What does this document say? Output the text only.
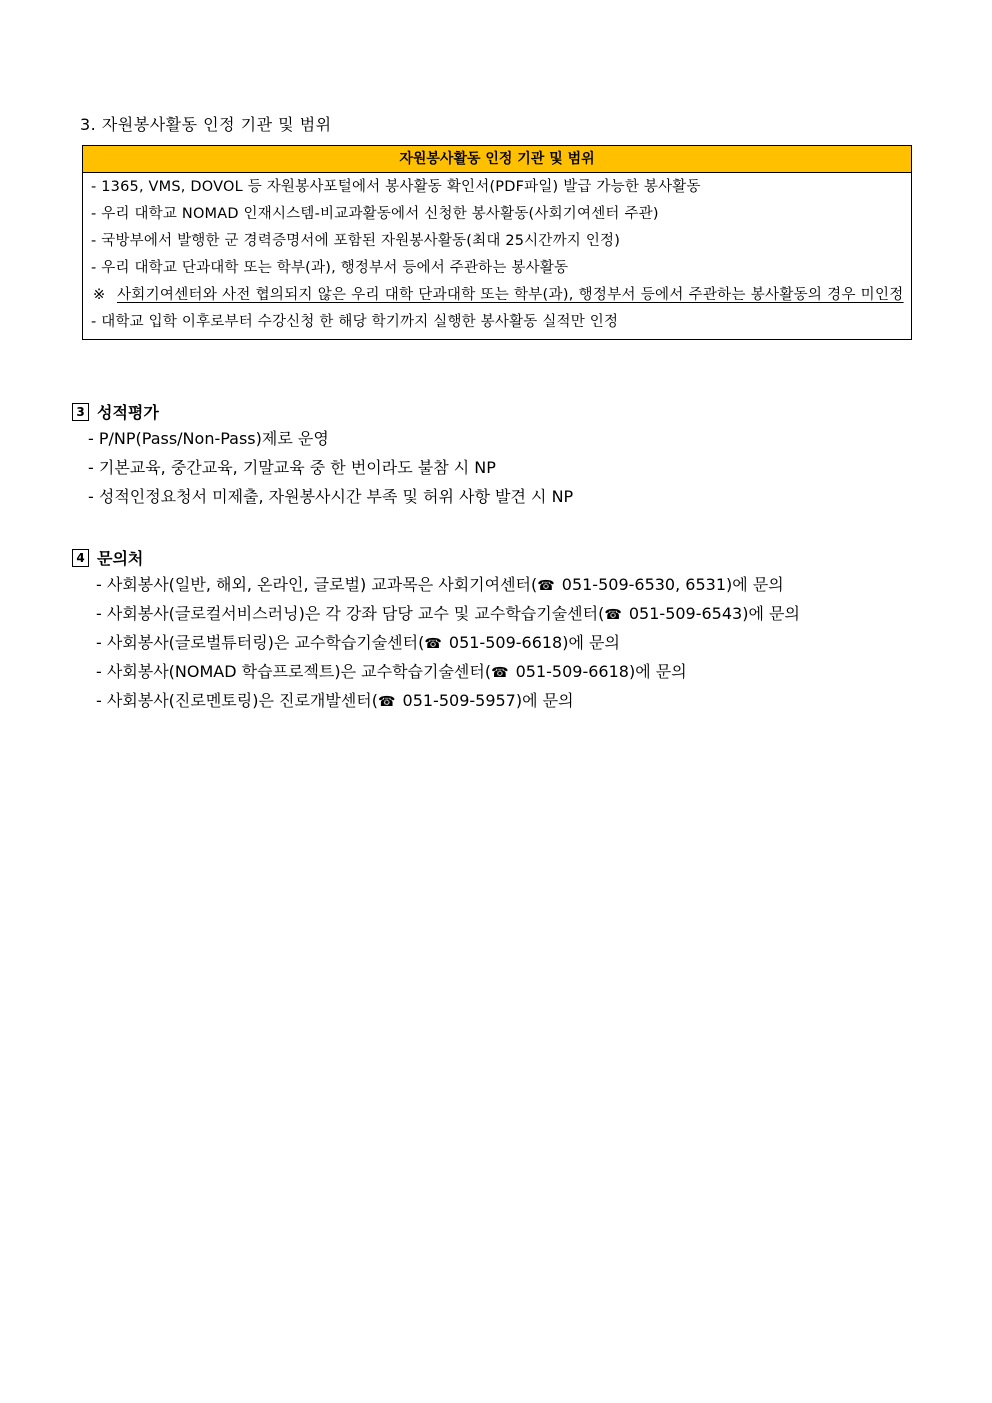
3. 자원봉사활동 인정 기관 및 범위
자원봉사활동 인정 기관 및 범위
- 1365, VMS, DOVOL 등 자원봉사포털에서 봉사활동 확인서(PDF파일) 발급 가능한 봉사활동
- 우리 대학교 NOMAD 인재시스템-비교과활동에서 신청한 봉사활동(사회기여센터 주관)
- 국방부에서 발행한 군 경력증명서에 포함된 자원봉사활동(최대 25시간까지 인정)
- 우리 대학교 단과대학 또는 학부(과), 행정부서 등에서 주관하는 봉사활동
※ 사회기여센터와 사전 협의되지 않은 우리 대학 단과대학 또는 학부(과), 행정부서 등에서 주관하는 봉사활동의 경우 미인정
- 대학교 입학 이후로부터 수강신청 한 해당 학기까지 실행한 봉사활동 실적만 인정
3 성적평가
- P/NP(Pass/Non-Pass)제로 운영
- 기본교육, 중간교육, 기말교육 중 한 번이라도 불참 시 NP
- 성적인정요청서 미제출, 자원봉사시간 부족 및 허위 사항 발견 시 NP
4 문의처
- 사회봉사(일반, 해외, 온라인, 글로벌) 교과목은 사회기여센터(☎ 051-509-6530, 6531)에 문의
- 사회봉사(글로컬서비스러닝)은 각 강좌 담당 교수 및 교수학습기술센터(☎ 051-509-6543)에 문의
- 사회봉사(글로벌튜터링)은 교수학습기술센터(☎ 051-509-6618)에 문의
- 사회봉사(NOMAD 학습프로젝트)은 교수학습기술센터(☎ 051-509-6618)에 문의
- 사회봉사(진로멘토링)은 진로개발센터(☎ 051-509-5957)에 문의
